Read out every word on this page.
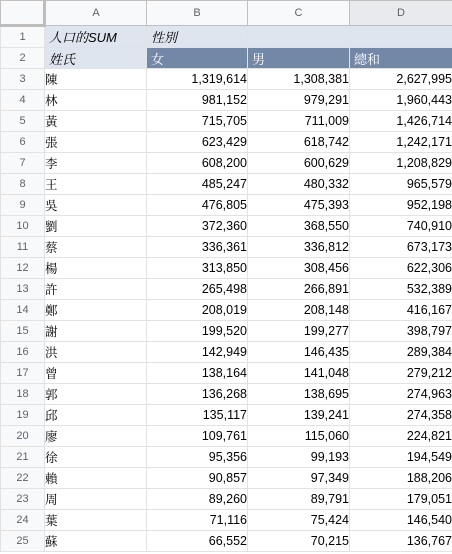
	A	B	C	D
1	人口的SUM	性別		
2	姓氏	女	男	總和
3	陳	1,319,614	1,308,381	2,627,995
4	林	981,152	979,291	1,960,443
5	黃	715,705	711,009	1,426,714
6	張	623,429	618,742	1,242,171
7	李	608,200	600,629	1,208,829
8	王	485,247	480,332	965,579
9	吳	476,805	475,393	952,198
10	劉	372,360	368,550	740,910
11	蔡	336,361	336,812	673,173
12	楊	313,850	308,456	622,306
13	許	265,498	266,891	532,389
14	鄭	208,019	208,148	416,167
15	謝	199,520	199,277	398,797
16	洪	142,949	146,435	289,384
17	曾	138,164	141,048	279,212
18	郭	136,268	138,695	274,963
19	邱	135,117	139,241	274,358
20	廖	109,761	115,060	224,821
21	徐	95,356	99,193	194,549
22	賴	90,857	97,349	188,206
23	周	89,260	89,791	179,051
24	葉	71,116	75,424	146,540
25	蘇	66,552	70,215	136,767
